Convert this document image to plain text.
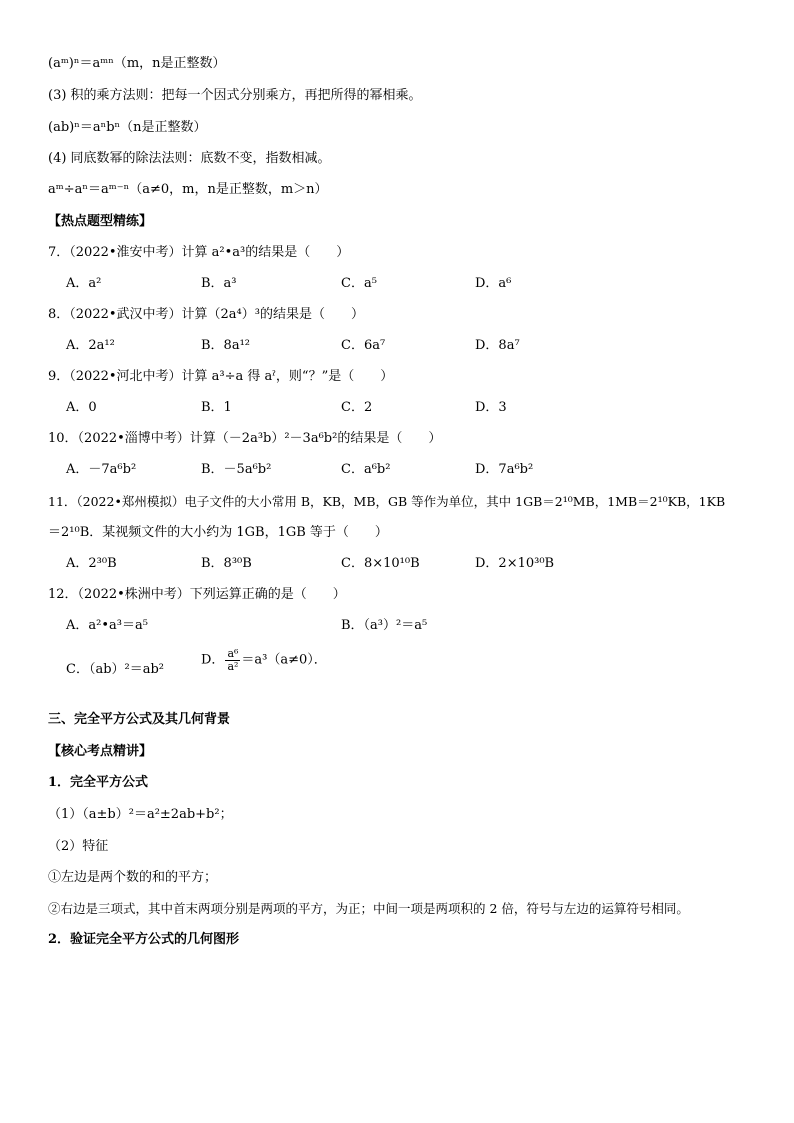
(aᵐ)ⁿ＝aᵐⁿ（m，n是正整数）
(3) 积的乘方法则：把每一个因式分别乘方，再把所得的幂相乘。
(ab)ⁿ＝aⁿbⁿ（n是正整数）
(4) 同底数幂的除法法则：底数不变，指数相减。
aᵐ÷aⁿ＝aᵐ⁻ⁿ（a≠0，m，n是正整数，m＞n）
【热点题型精练】
7．（2022•淮安中考）计算 a²•a³的结果是（　　）
A．a²	B．a³	C．a⁵	D．a⁶
8．（2022•武汉中考）计算（2a⁴）³的结果是（　　）
A．2a¹²	B．8a¹²	C．6a⁷	D．8a⁷
9．（2022•河北中考）计算 a³÷a 得 aˀ，则“？”是（　　）
A．0	B．1	C．2	D．3
10．（2022•淄博中考）计算（－2a³b）²－3a⁶b²的结果是（　　）
A．－7a⁶b²	B．－5a⁶b²	C．a⁶b²	D．7a⁶b²
11．（2022•郑州模拟）电子文件的大小常用 B，KB，MB，GB 等作为单位，其中 1GB＝2¹⁰MB，1MB＝2¹⁰KB，1KB
＝2¹⁰B．某视频文件的大小约为 1GB，1GB 等于（　　）
A．2³⁰B	B．8³⁰B	C．8×10¹⁰B	D．2×10³⁰B
12．（2022•株洲中考）下列运算正确的是（　　）
A．a²•a³＝a⁵	B．（a³）²＝a⁵
C．（ab）²＝ab²
D． $\frac{\text{a⁶}}{\text{a²}} =a^3(a\ne 0)$．
三、完全平方公式及其几何背景
【核心考点精讲】
1．完全平方公式
（1）（a±b）²＝a²±2ab+b²；
（2）特征
①左边是两个数的和的平方；
②右边是三项式，其中首末两项分别是两项的平方，为正；中间一项是两项积的 2 倍，符号与左边的运算符号相同。
2．验证完全平方公式的几何图形
